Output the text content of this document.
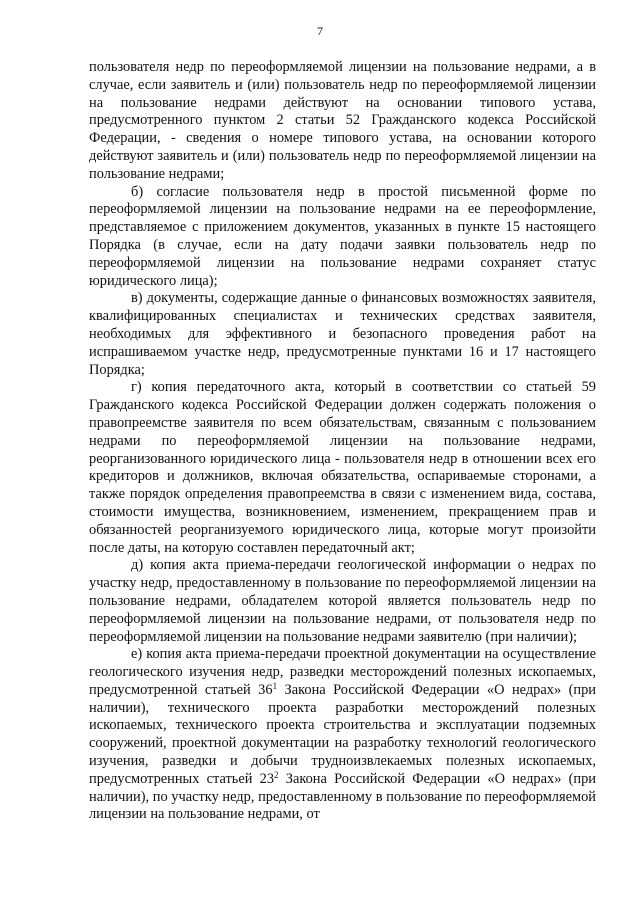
7

пользователя недр по переоформляемой лицензии на пользование недрами, а в случае, если заявитель и (или) пользователь недр по переоформляемой лицензии на пользование недрами действуют на основании типового устава, предусмотренного пунктом 2 статьи 52 Гражданского кодекса Российской Федерации, - сведения о номере типового устава, на основании которого действуют заявитель и (или) пользователь недр по переоформляемой лицензии на пользование недрами;

б) согласие пользователя недр в простой письменной форме по переоформляемой лицензии на пользование недрами на ее переоформление, представляемое с приложением документов, указанных в пункте 15 настоящего Порядка (в случае, если на дату подачи заявки пользователь недр по переоформляемой лицензии на пользование недрами сохраняет статус юридического лица);

в) документы, содержащие данные о финансовых возможностях заявителя, квалифицированных специалистах и технических средствах заявителя, необходимых для эффективного и безопасного проведения работ на испрашиваемом участке недр, предусмотренные пунктами 16 и 17 настоящего Порядка;

г) копия передаточного акта, который в соответствии со статьей 59 Гражданского кодекса Российской Федерации должен содержать положения о правопреемстве заявителя по всем обязательствам, связанным с пользованием недрами по переоформляемой лицензии на пользование недрами, реорганизованного юридического лица - пользователя недр в отношении всех его кредиторов и должников, включая обязательства, оспариваемые сторонами, а также порядок определения правопреемства в связи с изменением вида, состава, стоимости имущества, возникновением, изменением, прекращением прав и обязанностей реорганизуемого юридического лица, которые могут произойти после даты, на которую составлен передаточный акт;

д) копия акта приема-передачи геологической информации о недрах по участку недр, предоставленному в пользование по переоформляемой лицензии на пользование недрами, обладателем которой является пользователь недр по переоформляемой лицензии на пользование недрами, от пользователя недр по переоформляемой лицензии на пользование недрами заявителю (при наличии);

е) копия акта приема-передачи проектной документации на осуществление геологического изучения недр, разведки месторождений полезных ископаемых, предусмотренной статьей $36^1$ Закона Российской Федерации «О недрах» (при наличии), технического проекта разработки месторождений полезных ископаемых, технического проекта строительства и эксплуатации подземных сооружений, проектной документации на разработку технологий геологического изучения, разведки и добычи трудноизвлекаемых полезных ископаемых, предусмотренных статьей $23^2$ Закона Российской Федерации «О недрах» (при наличии), по участку недр, предоставленному в пользование по переоформляемой лицензии на пользование недрами, от
